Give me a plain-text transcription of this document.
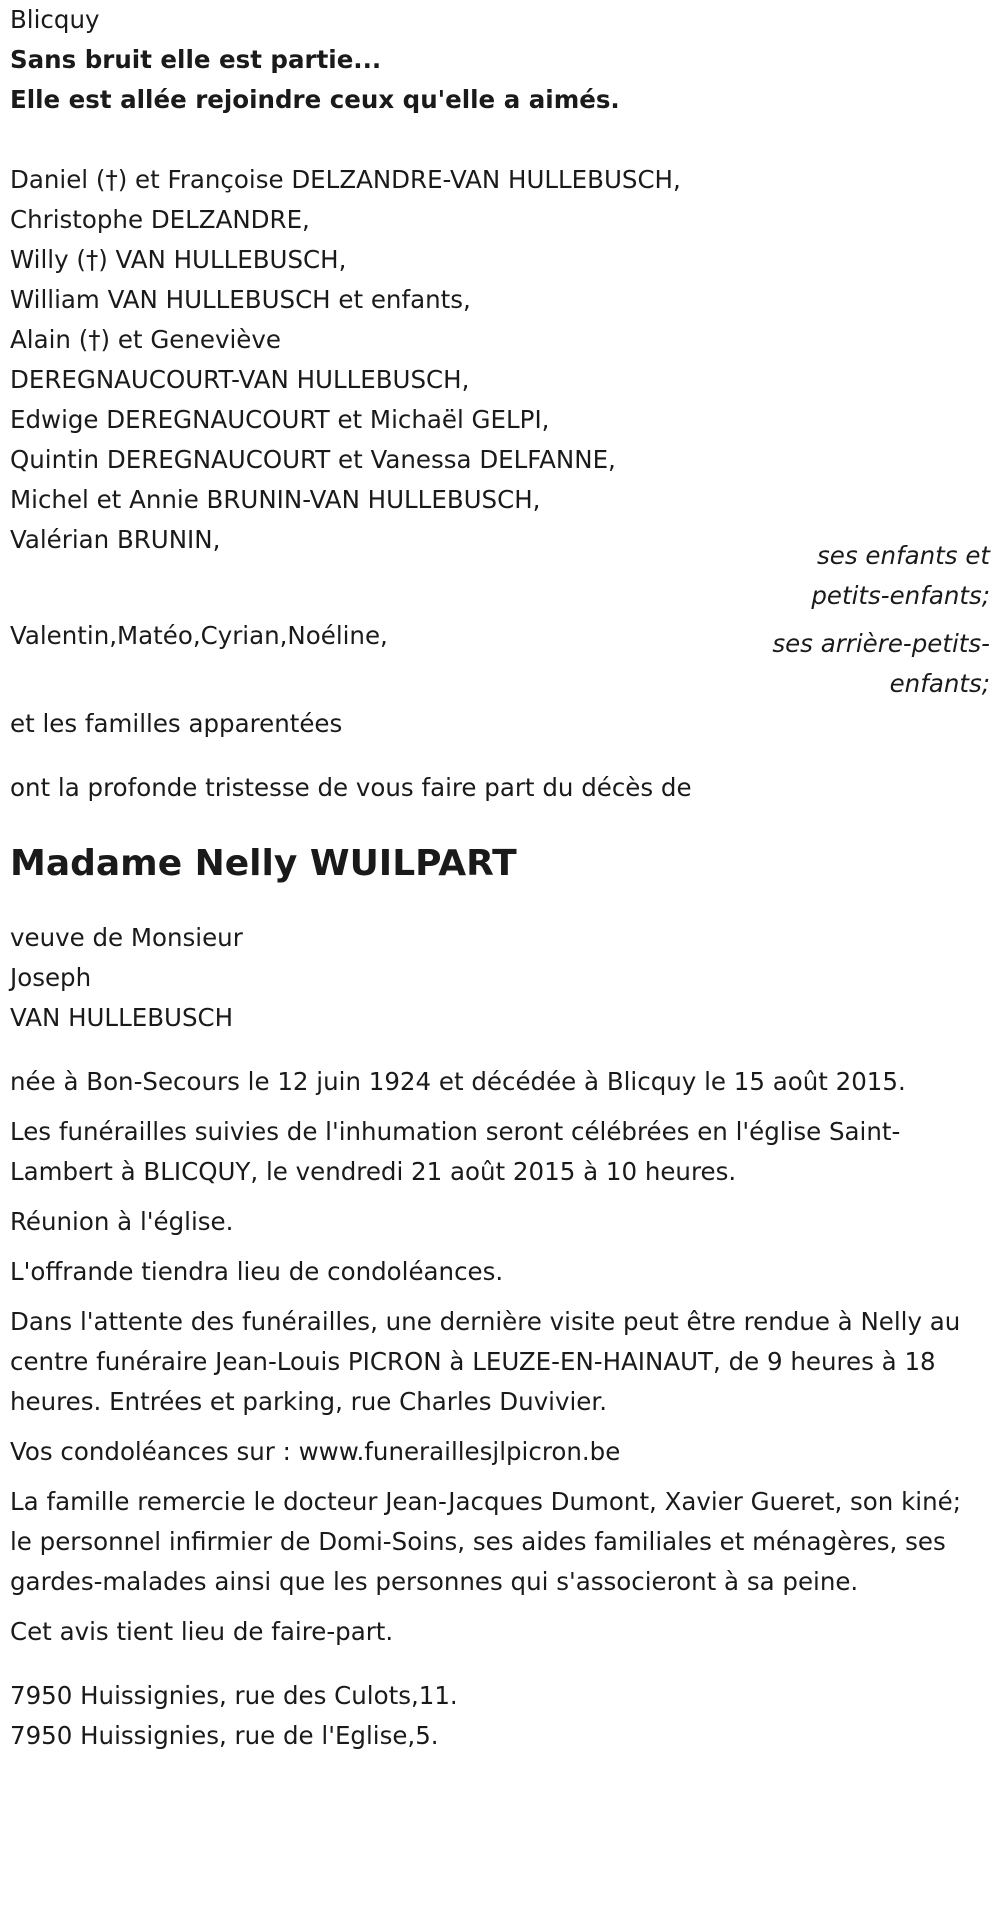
Blicquy
Sans bruit elle est partie...
Elle est allée rejoindre ceux qu'elle a aimés.
Daniel (†) et Françoise DELZANDRE-VAN HULLEBUSCH,
Christophe DELZANDRE,
Willy (†) VAN HULLEBUSCH,
William VAN HULLEBUSCH et enfants,
Alain (†) et Geneviève
DEREGNAUCOURT-VAN HULLEBUSCH,
Edwige DEREGNAUCOURT et Michaël GELPI,
Quintin DEREGNAUCOURT et Vanessa DELFANNE,
Michel et Annie BRUNIN-VAN HULLEBUSCH,
Valérian BRUNIN,
ses enfants et petits-enfants;
Valentin,Matéo,Cyrian,Noéline,	ses arrière-petits-enfants;
et les familles apparentées
ont la profonde tristesse de vous faire part du décès de
Madame Nelly WUILPART
veuve de Monsieur
Joseph
VAN HULLEBUSCH
née à Bon-Secours le 12 juin 1924 et décédée à Blicquy le 15 août 2015.
Les funérailles suivies de l'inhumation seront célébrées en l'église Saint-Lambert à BLICQUY, le vendredi 21 août 2015 à 10 heures.
Réunion à l'église.
L'offrande tiendra lieu de condoléances.
Dans l'attente des funérailles, une dernière visite peut être rendue à Nelly au centre funéraire Jean-Louis PICRON à LEUZE-EN-HAINAUT, de 9 heures à 18 heures. Entrées et parking, rue Charles Duvivier.
Vos condoléances sur : www.funeraillesjlpicron.be
La famille remercie le docteur Jean-Jacques Dumont, Xavier Gueret, son kiné; le personnel infirmier de Domi-Soins, ses aides familiales et ménagères, ses gardes-malades ainsi que les personnes qui s'associeront à sa peine.
Cet avis tient lieu de faire-part.
7950 Huissignies, rue des Culots,11.
7950 Huissignies, rue de l'Eglise,5.
